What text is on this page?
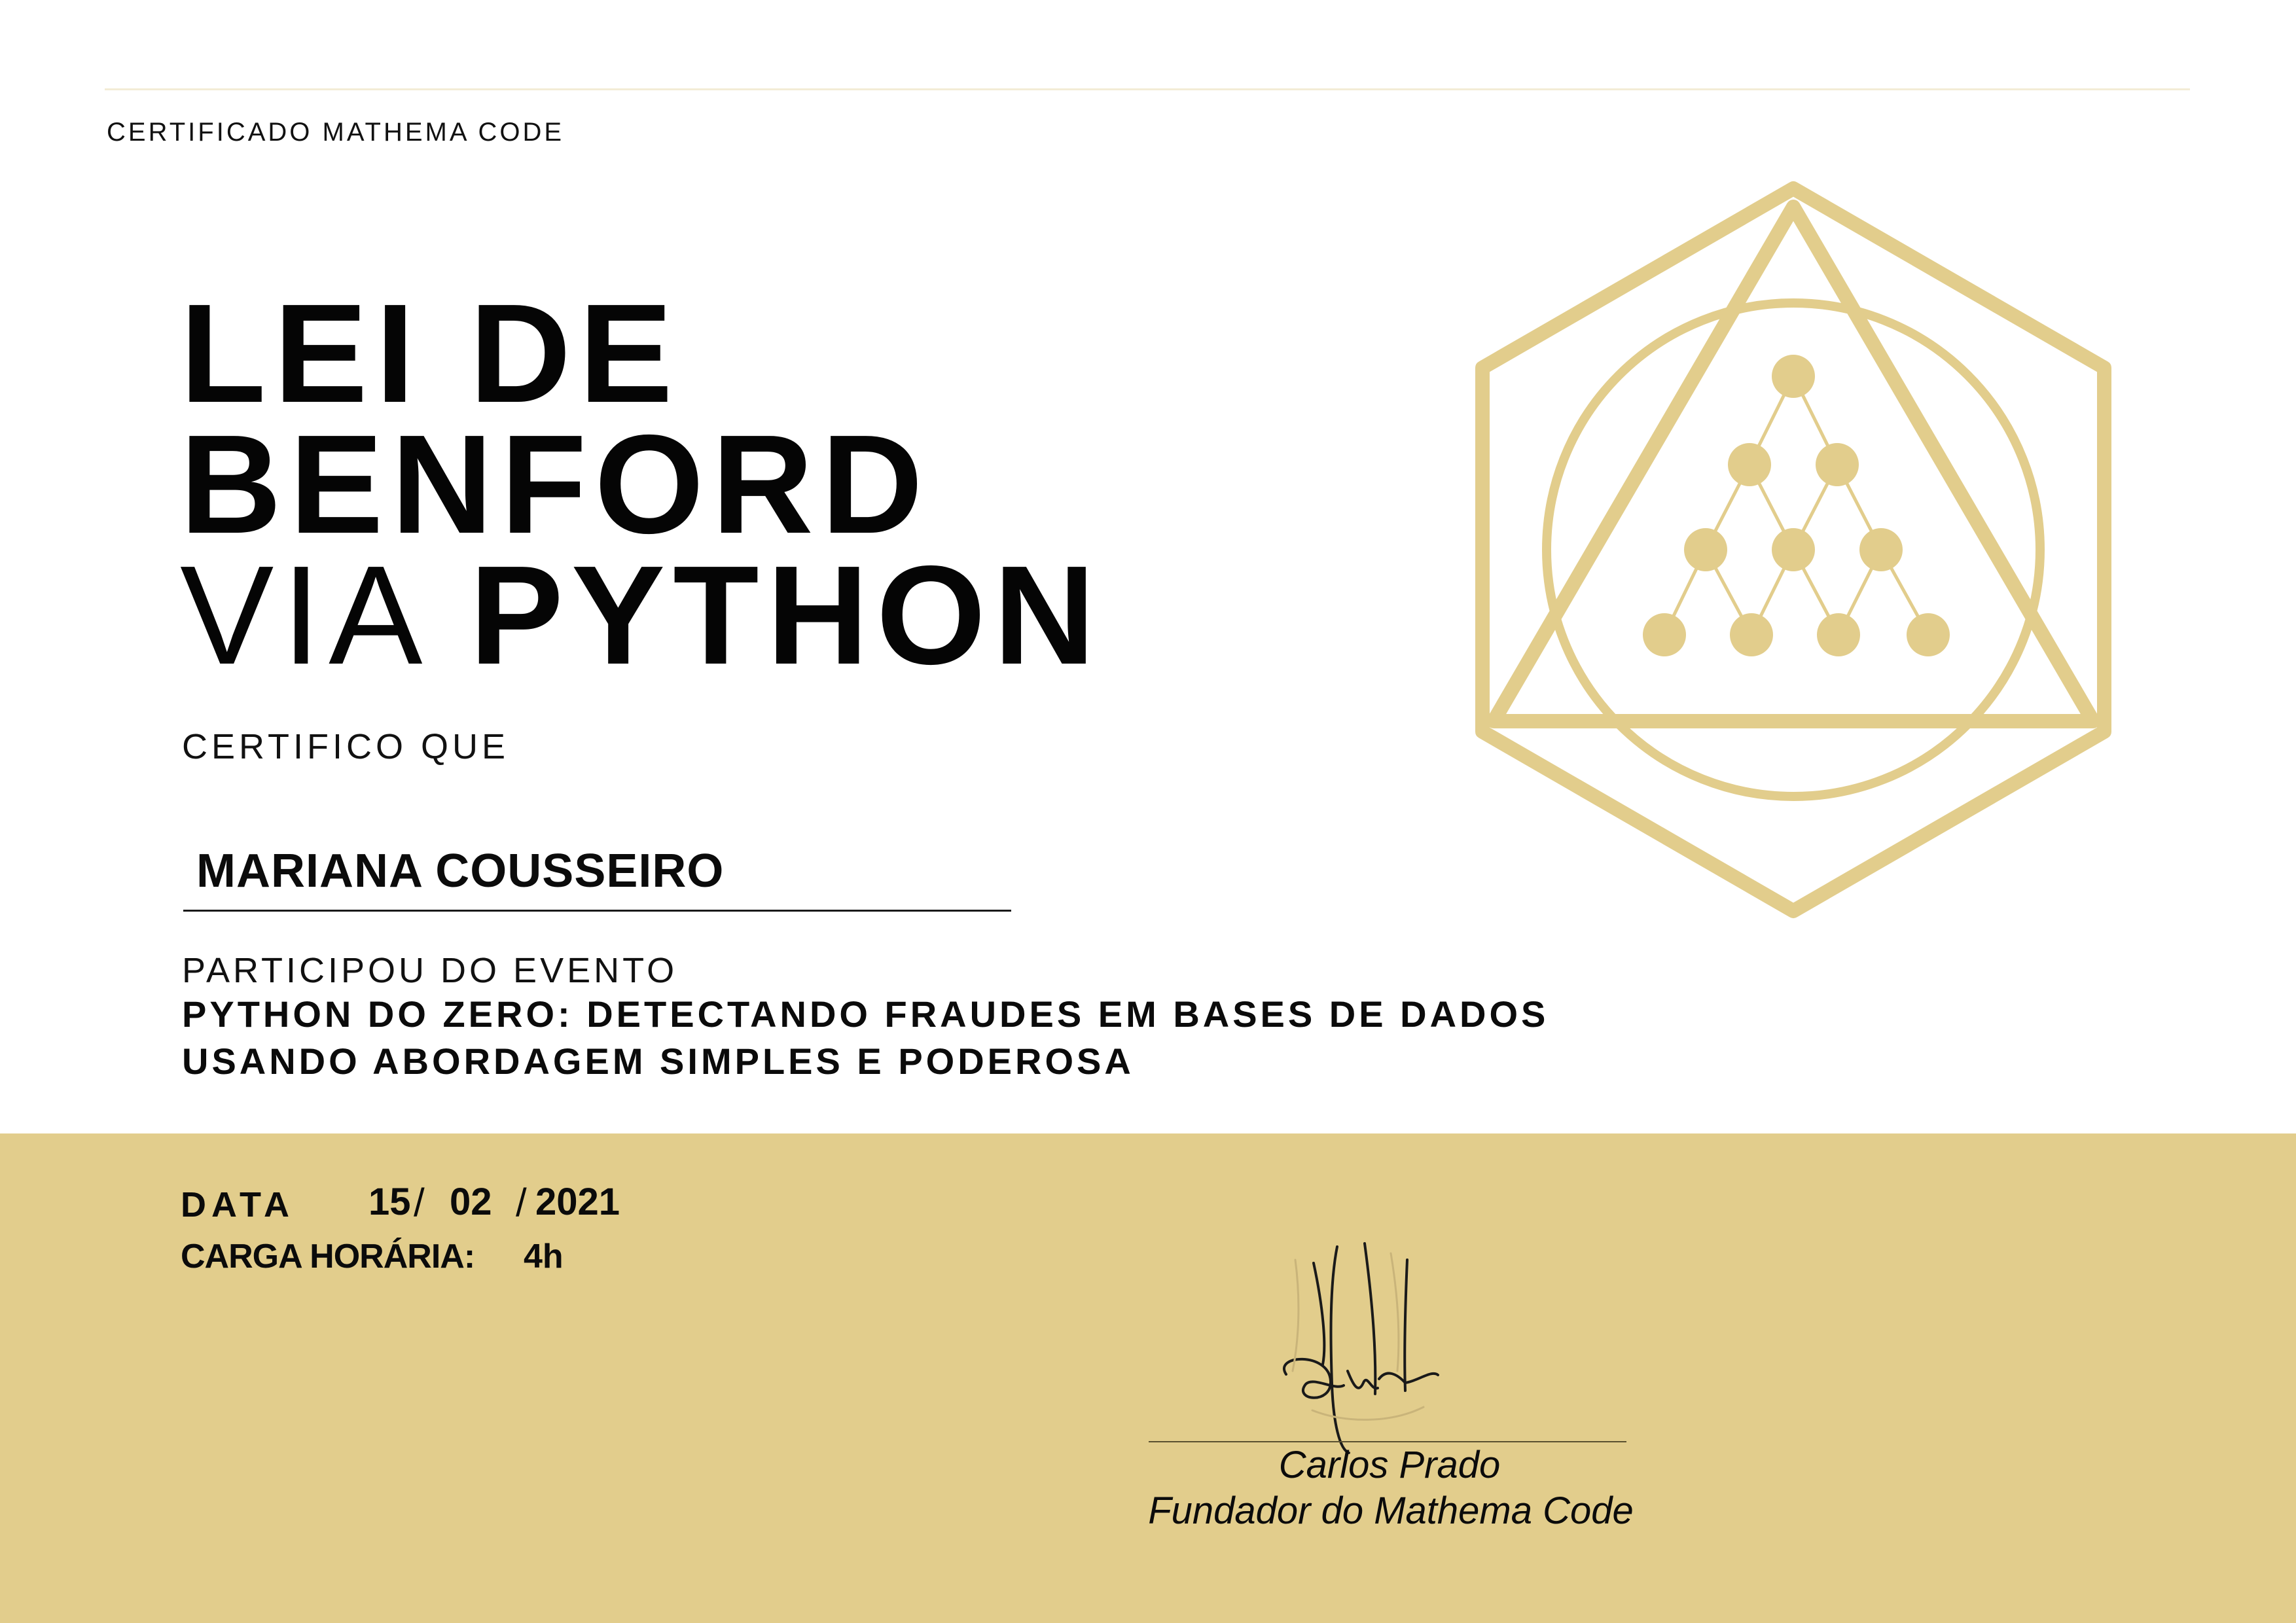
CERTIFICADO MATHEMA CODE
LEI DE
BENFORD
VIA PYTHON
CERTIFICO QUE
MARIANA COUSSEIRO
PARTICIPOU DO EVENTO
PYTHON DO ZERO: DETECTANDO FRAUDES EM BASES DE DADOS
USANDO ABORDAGEM SIMPLES E PODEROSA
DATA 15 / 02 / 2021
CARGA HORÁRIA: 4h
Carlos Prado
Fundador do Mathema Code
